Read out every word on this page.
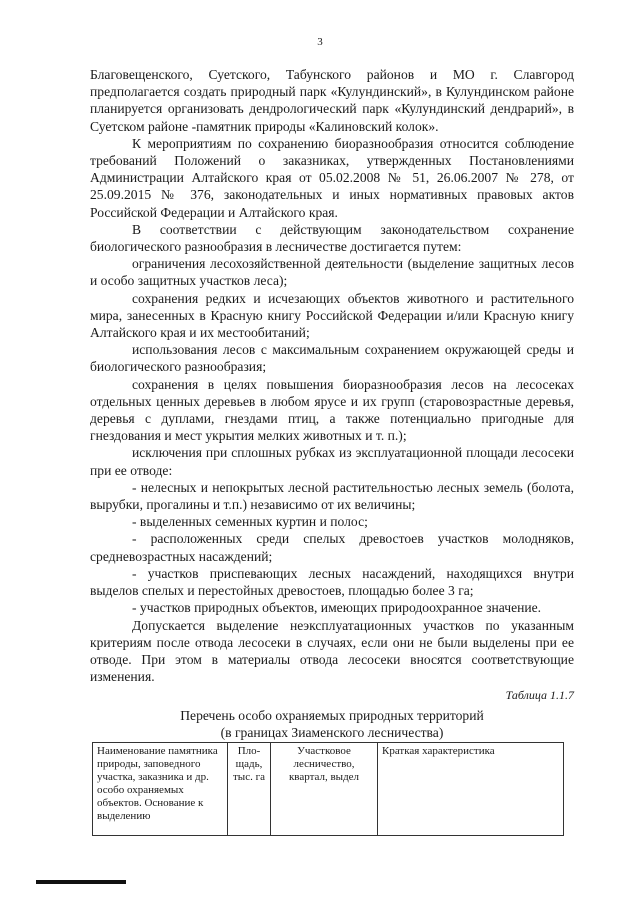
3

Благовещенского, Суетского, Табунского районов и МО г. Славгород предполагается создать природный парк «Кулундинский», в Кулундинском районе планируется организовать дендрологический парк «Кулундинский дендрарий», в Суетском районе -памятник природы «Калиновский колок».

К мероприятиям по сохранению биоразнообразия относится соблюдение требований Положений о заказниках, утвержденных Постановлениями Администрации Алтайского края от 05.02.2008 № 51, 26.06.2007 № 278, от 25.09.2015 № 376, законодательных и иных нормативных правовых актов Российской Федерации и Алтайского края.

В соответствии с действующим законодательством сохранение биологического разнообразия в лесничестве достигается путем:

ограничения лесохозяйственной деятельности (выделение защитных лесов и особо защитных участков леса);

сохранения редких и исчезающих объектов животного и растительного мира, занесенных в Красную книгу Российской Федерации и/или Красную книгу Алтайского края и их местообитаний;

использования лесов с максимальным сохранением окружающей среды и биологического разнообразия;

сохранения в целях повышения биоразнообразия лесов на лесосеках отдельных ценных деревьев в любом ярусе и их групп (старовозрастные деревья, деревья с дуплами, гнездами птиц, а также потенциально пригодные для гнездования и мест укрытия мелких животных и т. п.);

исключения при сплошных рубках из эксплуатационной площади лесосеки при ее отводе:

- нелесных и непокрытых лесной растительностью лесных земель (болота, вырубки, прогалины и т.п.) независимо от их величины;

- выделенных семенных куртин и полос;

- расположенных среди спелых древостоев участков молодняков, средневозрастных насаждений;

- участков приспевающих лесных насаждений, находящихся внутри выделов спелых и перестойных древостоев, площадью более 3 га;

- участков природных объектов, имеющих природоохранное значение.

Допускается выделение неэксплуатационных участков по указанным критериям после отвода лесосеки в случаях, если они не были выделены при ее отводе. При этом в материалы отвода лесосеки вносятся соответствующие изменения.

Таблица 1.1.7
Перечень особо охраняемых природных территорий
(в границах Зиаменского лесничества)
Наименование памятника природы, заповедного участка, заказника и др. особо охраняемых объектов. Основание к выделению	Пло-щадь, тыс. га	Участковое лесничество, квартал, выдел	Краткая характеристика
